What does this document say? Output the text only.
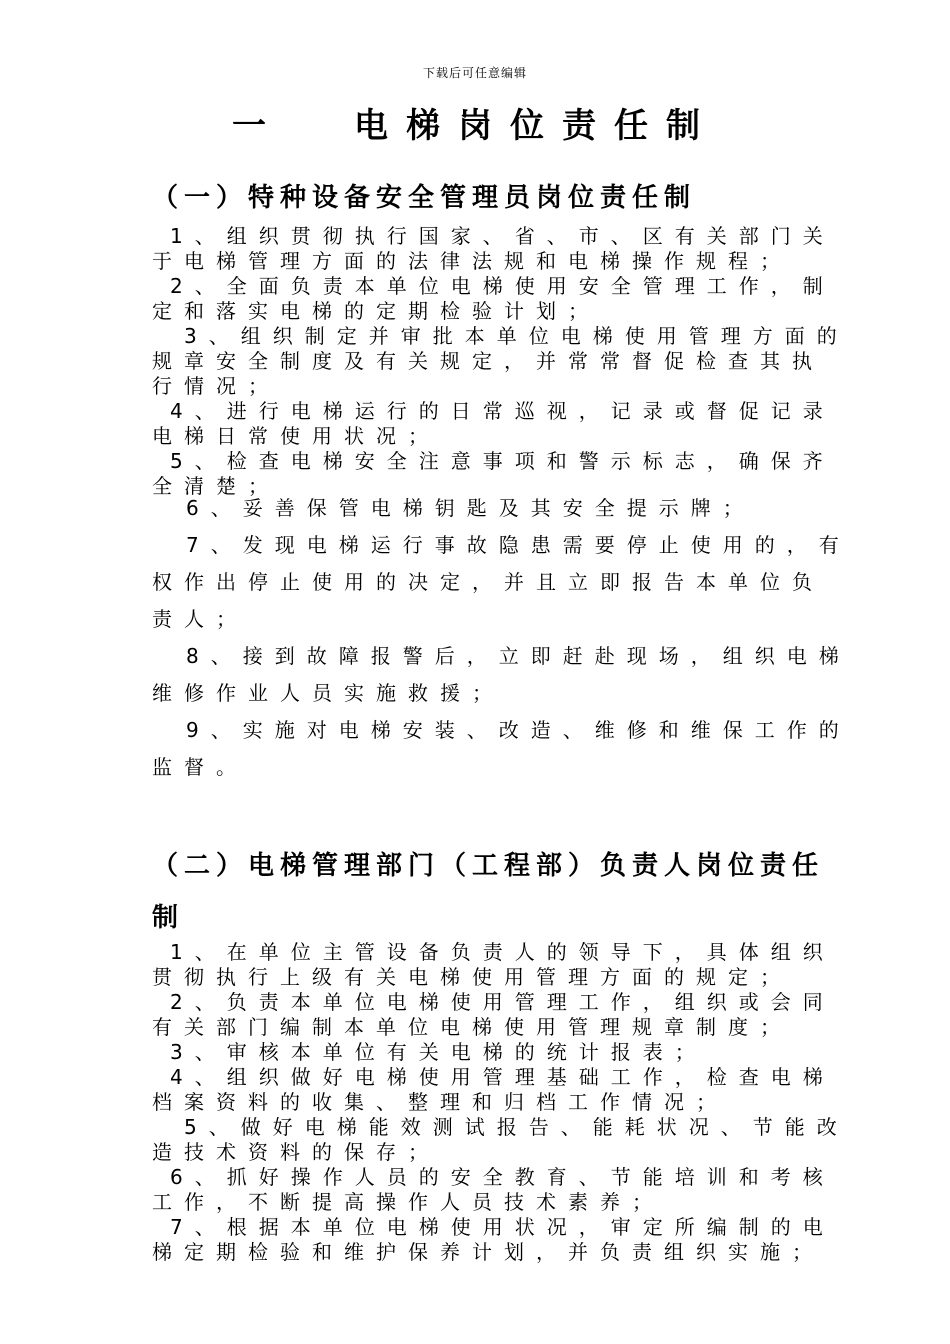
下载后可任意编辑
一 电梯岗位责任制
（一）特种设备安全管理员岗位责任制
1、组织贯彻执行国家、省、市、区有关部门关于电梯管理方面的法律法规和电梯操作规程；
2、全面负责本单位电梯使用安全管理工作，制定和落实电梯的定期检验计划；
3、组织制定并审批本单位电梯使用管理方面的规章安全制度及有关规定，并常常督促检查其执行情况；
4、进行电梯运行的日常巡视，记录或督促记录电梯日常使用状况；
5、检查电梯安全注意事项和警示标志，确保齐全清楚；
6、妥善保管电梯钥匙及其安全提示牌；
7、发现电梯运行事故隐患需要停止使用的，有权作出停止使用的决定，并且立即报告本单位负责人；
8、接到故障报警后，立即赶赴现场，组织电梯维修作业人员实施救援；
9、实施对电梯安装、改造、维修和维保工作的监督。
（二）电梯管理部门（工程部）负责人岗位责任制
1、在单位主管设备负责人的领导下，具体组织贯彻执行上级有关电梯使用管理方面的规定；
2、负责本单位电梯使用管理工作，组织或会同有关部门编制本单位电梯使用管理规章制度；
3、审核本单位有关电梯的统计报表；
4、组织做好电梯使用管理基础工作，检查电梯档案资料的收集、整理和归档工作情况；
5、做好电梯能效测试报告、能耗状况、节能改造技术资料的保存；
6、抓好操作人员的安全教育、节能培训和考核工作，不断提高操作人员技术素养；
7、根据本单位电梯使用状况，审定所编制的电梯定期检验和维护保养计划，并负责组织实施；
